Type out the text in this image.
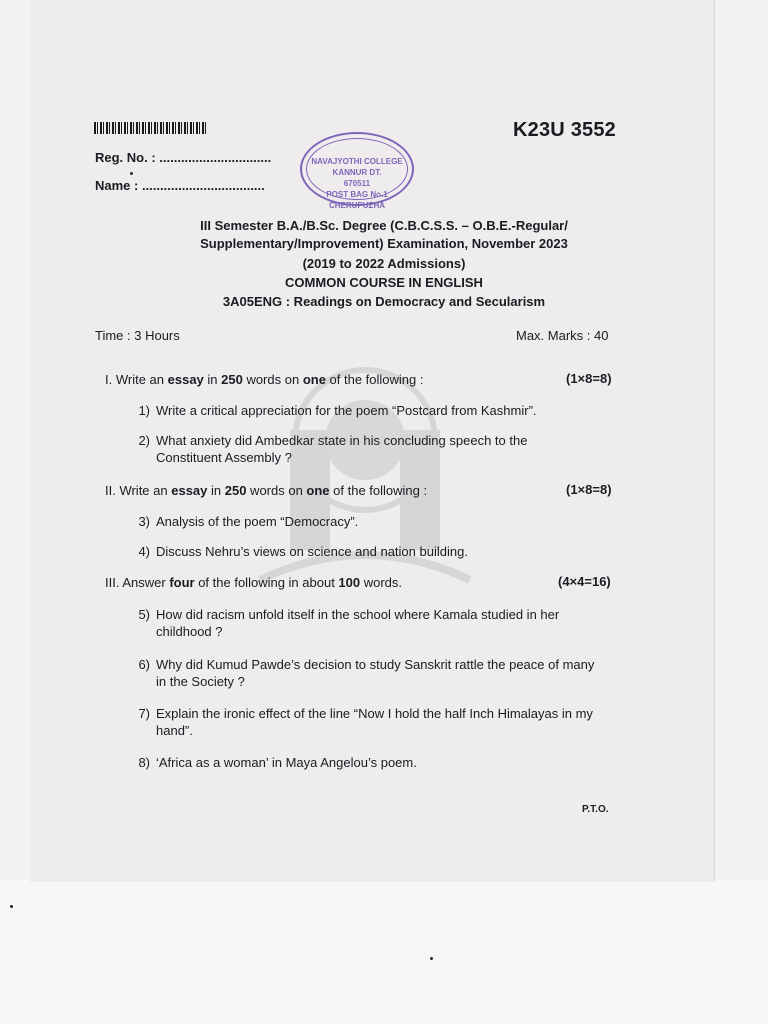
K23U 3552
Reg. No. : ...............................
Name : ..................................
NAVAJYOTHI COLLEGE
KANNUR DT.
670511
POST BAG No.1 CHERUPUZHA
III Semester B.A./B.Sc. Degree (C.B.C.S.S. – O.B.E.-Regular/
Supplementary/Improvement) Examination, November 2023
(2019 to 2022 Admissions)
COMMON COURSE IN ENGLISH
3A05ENG : Readings on Democracy and Secularism
Time : 3 Hours	Max. Marks : 40
I. Write an essay in 250 words on one of the following :	(1×8=8)
1) Write a critical appreciation for the poem “Postcard from Kashmir”.
2) What anxiety did Ambedkar state in his concluding speech to the Constituent Assembly ?
II. Write an essay in 250 words on one of the following :	(1×8=8)
3) Analysis of the poem “Democracy”.
4) Discuss Nehru’s views on science and nation building.
III. Answer four of the following in about 100 words.	(4×4=16)
5) How did racism unfold itself in the school where Kamala studied in her childhood ?
6) Why did Kumud Pawde’s decision to study Sanskrit rattle the peace of many in the Society ?
7) Explain the ironic effect of the line “Now I hold the half Inch Himalayas in my hand”.
8) ‘Africa as a woman’ in Maya Angelou’s poem.
P.T.O.
